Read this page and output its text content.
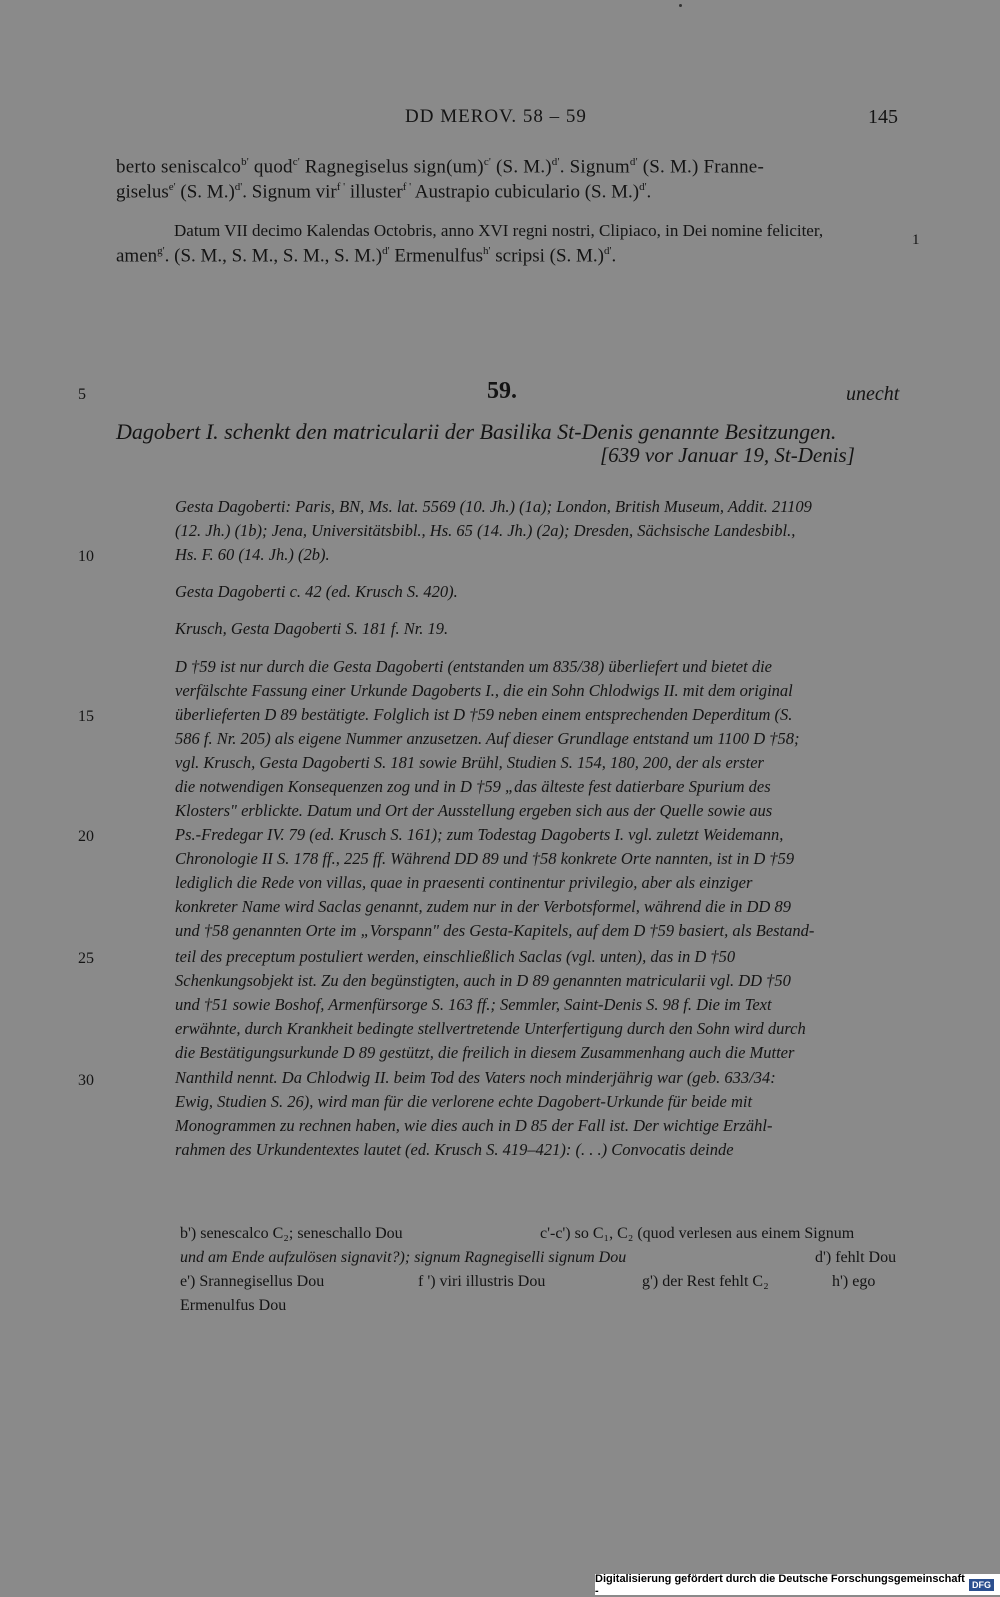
DD MEROV. 58 – 59	145
berto seniscalco$^{b'}$ quod$^{c'}$ Ragnegiselus sign(um)$^{c'}$ (S. M.)$^{d'}$. Signum$^{d'}$ (S. M.) Franne-
giselus$^{e'}$ (S. M.)$^{d'}$. Signum vir$^{f '}$ illuster$^{f '}$ Austrapio cubiculario (S. M.)$^{d'}$.
Datum VII decimo Kalendas Octobris, anno XVI regni nostri, Clipiaco, in Dei nomine feliciter,	1
amen$^{g'}$. (S. M., S. M., S. M., S. M.)$^{d'}$ Ermenulfus$^{h'}$ scripsi (S. M.)$^{d'}$.
5	59.	unecht
Dagobert I. schenkt den matricularii der Basilika St-Denis genannte Besitzungen.
[639 vor Januar 19, St-Denis]
Gesta Dagoberti: Paris, BN, Ms. lat. 5569 (10. Jh.) (1a); London, British Museum, Addit. 21109
(12. Jh.) (1b); Jena, Universitätsbibl., Hs. 65 (14. Jh.) (2a); Dresden, Sächsische Landesbibl.,
10	Hs. F. 60 (14. Jh.) (2b).
Gesta Dagoberti c. 42 (ed. Krusch S. 420).
Krusch, Gesta Dagoberti S. 181 f. Nr. 19.
D †59 ist nur durch die Gesta Dagoberti (entstanden um 835/38) überliefert und bietet die
verfälschte Fassung einer Urkunde Dagoberts I., die ein Sohn Chlodwigs II. mit dem original
15	überlieferten D 89 bestätigte. Folglich ist D †59 neben einem entsprechenden Deperditum (S.
586 f. Nr. 205) als eigene Nummer anzusetzen. Auf dieser Grundlage entstand um 1100 D †58;
vgl. Krusch, Gesta Dagoberti S. 181 sowie Brühl, Studien S. 154, 180, 200, der als erster
die notwendigen Konsequenzen zog und in D †59 „das älteste fest datierbare Spurium des
Klosters" erblickte. Datum und Ort der Ausstellung ergeben sich aus der Quelle sowie aus
20	Ps.-Fredegar IV. 79 (ed. Krusch S. 161); zum Todestag Dagoberts I. vgl. zuletzt Weidemann,
Chronologie II S. 178 ff., 225 ff. Während DD 89 und †58 konkrete Orte nannten, ist in D †59
lediglich die Rede von villas, quae in praesenti continentur privilegio, aber als einziger
konkreter Name wird Saclas genannt, zudem nur in der Verbotsformel, während die in DD 89
und †58 genannten Orte im „Vorspann" des Gesta-Kapitels, auf dem D †59 basiert, als Bestand-
25	teil des preceptum postuliert werden, einschließlich Saclas (vgl. unten), das in D †50
Schenkungsobjekt ist. Zu den begünstigten, auch in D 89 genannten matricularii vgl. DD †50
und †51 sowie Boshof, Armenfürsorge S. 163 ff.; Semmler, Saint-Denis S. 98 f. Die im Text
erwähnte, durch Krankheit bedingte stellvertretende Unterfertigung durch den Sohn wird durch
die Bestätigungsurkunde D 89 gestützt, die freilich in diesem Zusammenhang auch die Mutter
30	Nanthild nennt. Da Chlodwig II. beim Tod des Vaters noch minderjährig war (geb. 633/34:
Ewig, Studien S. 26), wird man für die verlorene echte Dagobert-Urkunde für beide mit
Monogrammen zu rechnen haben, wie dies auch in D 85 der Fall ist. Der wichtige Erzähl-
rahmen des Urkundentextes lautet (ed. Krusch S. 419–421): (. . .) Convocatis deinde
b') senescalco C₂; seneschallo Dou	c'-c') so C₁, C₂ (quod verlesen aus einem Signum
und am Ende aufzulösen signavit?); signum Ragnegiselli signum Dou	d') fehlt Dou
e') Srannegisellus Dou	f ') viri illustris Dou	g') der Rest fehlt C₂	h') ego
Ermenulfus Dou
Digitalisierung gefördert durch die Deutsche Forschungsgemeinschaft -	DFG
